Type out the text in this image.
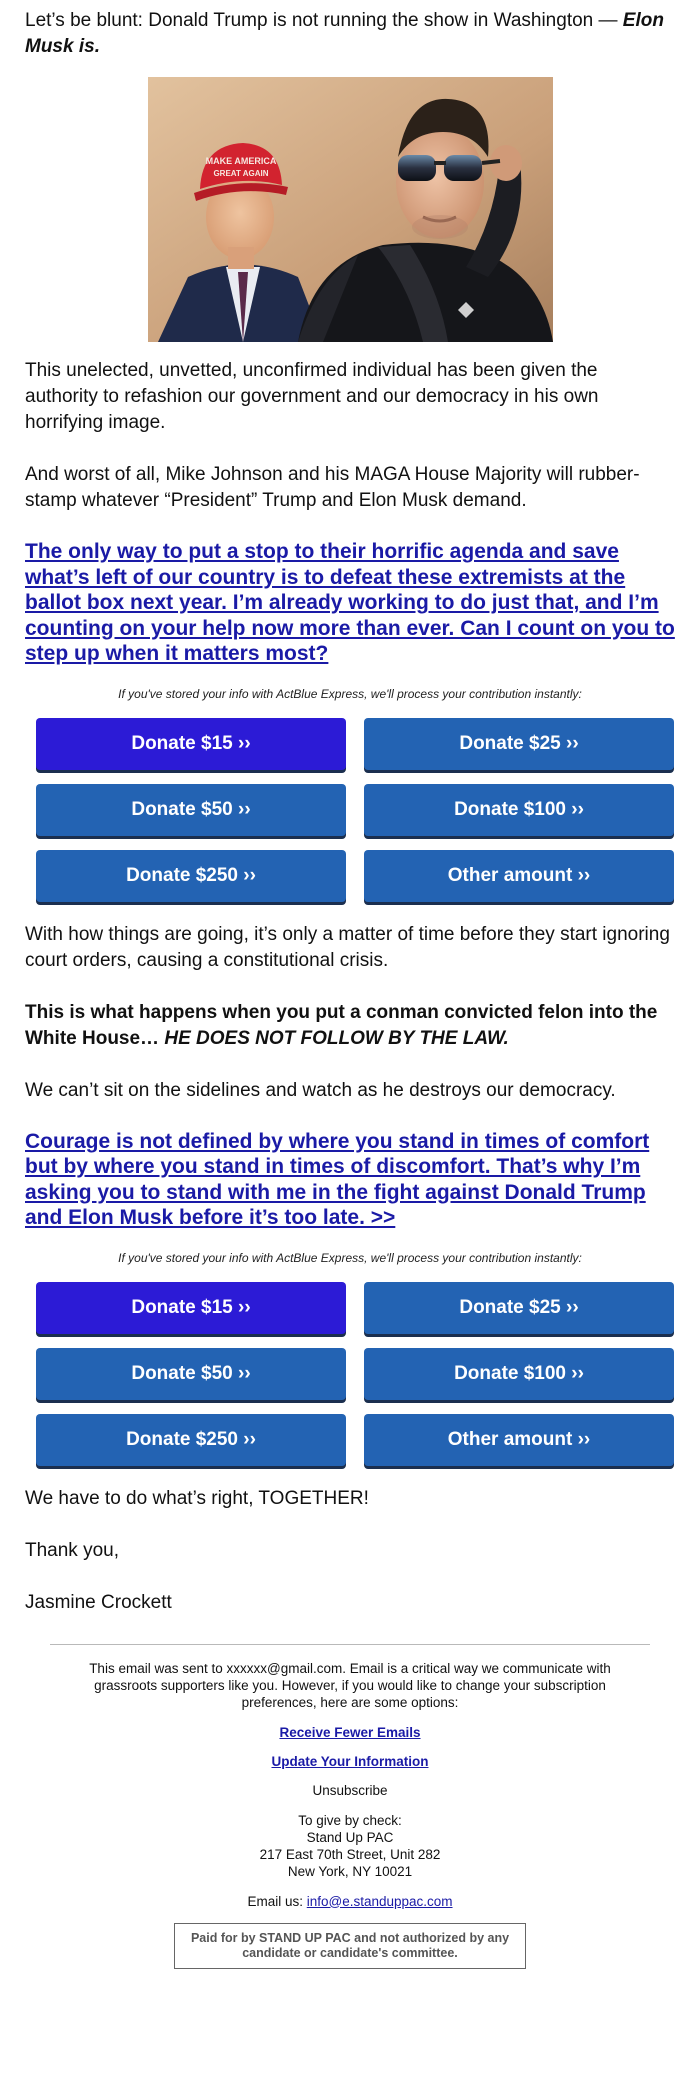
Let’s be blunt: Donald Trump is not running the show in Washington — Elon Musk is.

MAKE AMERICA
GREAT AGAIN

This unelected, unvetted, unconfirmed individual has been given the authority to refashion our government and our democracy in his own horrifying image.

And worst of all, Mike Johnson and his MAGA House Majority will rubber-stamp whatever “President” Trump and Elon Musk demand.

The only way to put a stop to their horrific agenda and save what’s left of our country is to defeat these extremists at the ballot box next year. I’m already working to do just that, and I’m counting on your help now more than ever. Can I count on you to step up when it matters most?

If you've stored your info with ActBlue Express, we'll process your contribution instantly:

Donate $15 ››	Donate $25 ››
Donate $50 ››	Donate $100 ››
Donate $250 ››	Other amount ››

With how things are going, it’s only a matter of time before they start ignoring court orders, causing a constitutional crisis.

This is what happens when you put a conman convicted felon into the White House… HE DOES NOT FOLLOW BY THE LAW.

We can’t sit on the sidelines and watch as he destroys our democracy.

Courage is not defined by where you stand in times of comfort but by where you stand in times of discomfort. That’s why I’m asking you to stand with me in the fight against Donald Trump and Elon Musk before it’s too late. >>

If you've stored your info with ActBlue Express, we'll process your contribution instantly:

Donate $15 ››	Donate $25 ››
Donate $50 ››	Donate $100 ››
Donate $250 ››	Other amount ››

We have to do what’s right, TOGETHER!

Thank you,

Jasmine Crockett

This email was sent to xxxxxx@gmail.com. Email is a critical way we communicate with grassroots supporters like you. However, if you would like to change your subscription preferences, here are some options:

Receive Fewer Emails

Update Your Information

Unsubscribe

To give by check:
Stand Up PAC
217 East 70th Street, Unit 282
New York, NY 10021

Email us: info@e.standuppac.com

Paid for by STAND UP PAC and not authorized by any candidate or candidate's committee.
